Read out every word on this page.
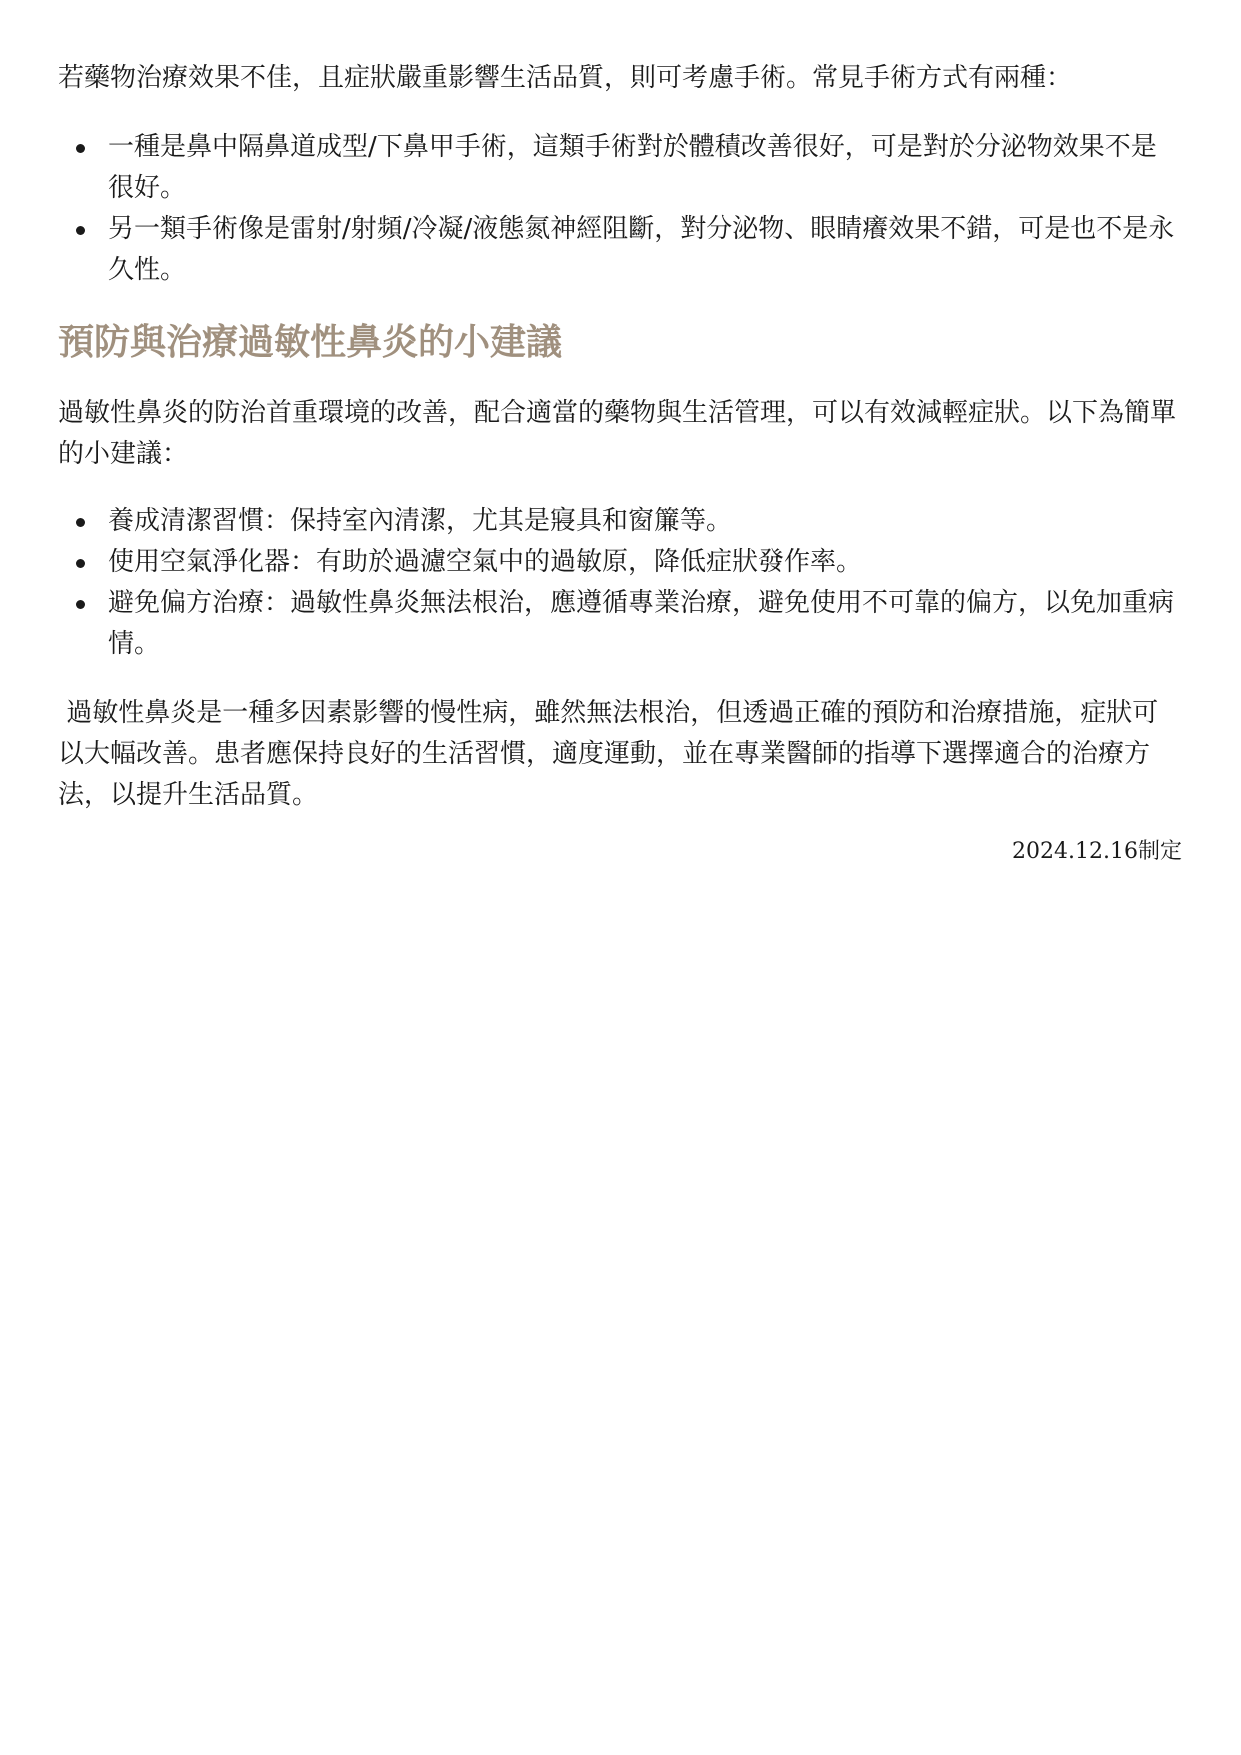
若藥物治療效果不佳，且症狀嚴重影響生活品質，則可考慮手術。常見手術方式有兩種：

一種是鼻中隔鼻道成型/下鼻甲手術，這類手術對於體積改善很好，可是對於分泌物效果不是很好。
另一類手術像是雷射/射頻/冷凝/液態氮神經阻斷，對分泌物、眼睛癢效果不錯，可是也不是永久性。
預防與治療過敏性鼻炎的小建議

過敏性鼻炎的防治首重環境的改善，配合適當的藥物與生活管理，可以有效減輕症狀。以下為簡單的小建議：

養成清潔習慣：保持室內清潔，尤其是寢具和窗簾等。
使用空氣淨化器：有助於過濾空氣中的過敏原，降低症狀發作率。
避免偏方治療：過敏性鼻炎無法根治，應遵循專業治療，避免使用不可靠的偏方，以免加重病情。

過敏性鼻炎是一種多因素影響的慢性病，雖然無法根治，但透過正確的預防和治療措施，症狀可以大幅改善。患者應保持良好的生活習慣，適度運動，並在專業醫師的指導下選擇適合的治療方法，以提升生活品質。

2024.12.16制定
